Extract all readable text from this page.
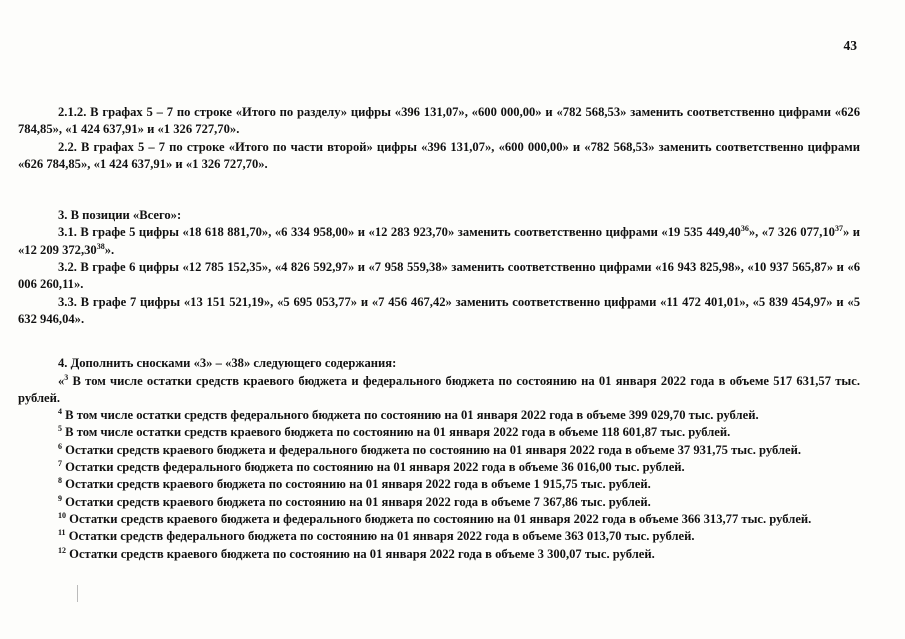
43

2.1.2. В графах 5 – 7 по строке «Итого по разделу» цифры «396 131,07», «600 000,00» и «782 568,53» заменить соответственно цифрами «626 784,85», «1 424 637,91» и «1 326 727,70».

2.2. В графах 5 – 7 по строке «Итого по части второй» цифры «396 131,07», «600 000,00» и «782 568,53» заменить соответственно цифрами «626 784,85», «1 424 637,91» и «1 326 727,70».

3. В позиции «Всего»:

3.1. В графе 5 цифры «18 618 881,70», «6 334 958,00» и «12 283 923,70» заменить соответственно цифрами «19 535 449,40$^{36}$», «7 326 077,10$^{37}$» и «12 209 372,30$^{38}$».

3.2. В графе 6 цифры «12 785 152,35», «4 826 592,97» и «7 958 559,38» заменить соответственно цифрами «16 943 825,98», «10 937 565,87» и «6 006 260,11».

3.3. В графе 7 цифры «13 151 521,19», «5 695 053,77» и «7 456 467,42» заменить соответственно цифрами «11 472 401,01», «5 839 454,97» и «5 632 946,04».

4. Дополнить сносками «3» – «38» следующего содержания:

«$^3$ В том числе остатки средств краевого бюджета и федерального бюджета по состоянию на 01 января 2022 года в объеме 517 631,57 тыс. рублей.

$^4$ В том числе остатки средств федерального бюджета по состоянию на 01 января 2022 года в объеме 399 029,70 тыс. рублей.

$^5$ В том числе остатки средств краевого бюджета по состоянию на 01 января 2022 года в объеме 118 601,87 тыс. рублей.

$^6$ Остатки средств краевого бюджета и федерального бюджета по состоянию на 01 января 2022 года в объеме 37 931,75 тыс. рублей.

$^7$ Остатки средств федерального бюджета по состоянию на 01 января 2022 года в объеме 36 016,00 тыс. рублей.

$^8$ Остатки средств краевого бюджета по состоянию на 01 января 2022 года в объеме 1 915,75 тыс. рублей.

$^9$ Остатки средств краевого бюджета по состоянию на 01 января 2022 года в объеме 7 367,86 тыс. рублей.

$^{10}$ Остатки средств краевого бюджета и федерального бюджета по состоянию на 01 января 2022 года в объеме 366 313,77 тыс. рублей.

$^{11}$ Остатки средств федерального бюджета по состоянию на 01 января 2022 года в объеме 363 013,70 тыс. рублей.

$^{12}$ Остатки средств краевого бюджета по состоянию на 01 января 2022 года в объеме 3 300,07 тыс. рублей.
